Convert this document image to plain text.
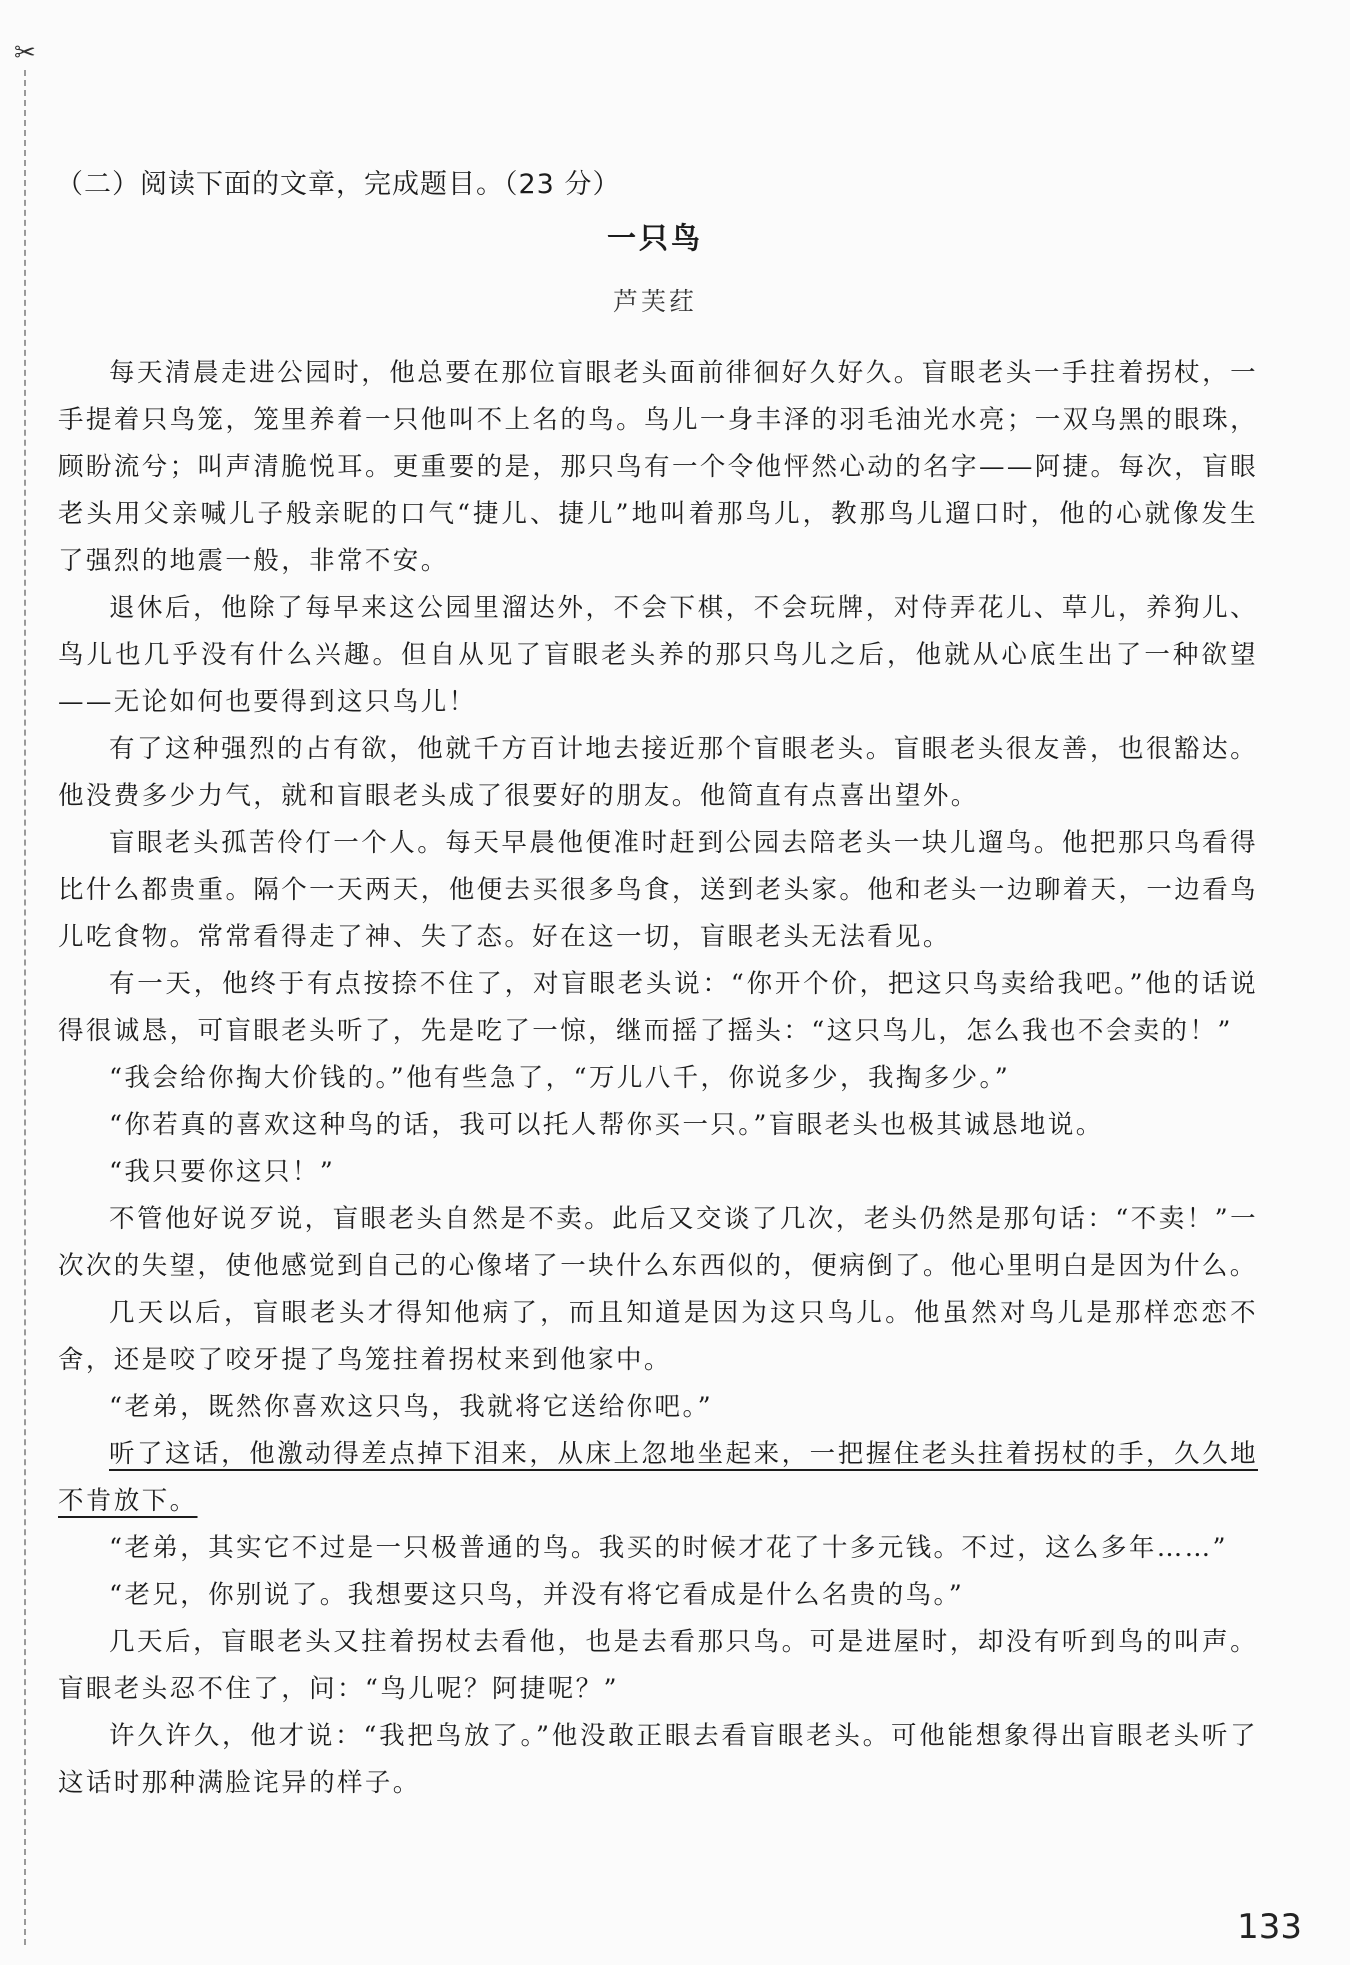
✂
（二）阅读下面的文章，完成题目。（23 分）
一只鸟
芦芙荭

每天清晨走进公园时，他总要在那位盲眼老头面前徘徊好久好久。盲眼老头一手拄着拐杖，一手提着只鸟笼，笼里养着一只他叫不上名的鸟。鸟儿一身丰泽的羽毛油光水亮；一双乌黑的眼珠，顾盼流兮；叫声清脆悦耳。更重要的是，那只鸟有一个令他怦然心动的名字——阿捷。每次，盲眼老头用父亲喊儿子般亲昵的口气“捷儿、捷儿”地叫着那鸟儿，教那鸟儿遛口时，他的心就像发生了强烈的地震一般，非常不安。

退休后，他除了每早来这公园里溜达外，不会下棋，不会玩牌，对侍弄花儿、草儿，养狗儿、鸟儿也几乎没有什么兴趣。但自从见了盲眼老头养的那只鸟儿之后，他就从心底生出了一种欲望——无论如何也要得到这只鸟儿！

有了这种强烈的占有欲，他就千方百计地去接近那个盲眼老头。盲眼老头很友善，也很豁达。他没费多少力气，就和盲眼老头成了很要好的朋友。他简直有点喜出望外。

盲眼老头孤苦伶仃一个人。每天早晨他便准时赶到公园去陪老头一块儿遛鸟。他把那只鸟看得比什么都贵重。隔个一天两天，他便去买很多鸟食，送到老头家。他和老头一边聊着天，一边看鸟儿吃食物。常常看得走了神、失了态。好在这一切，盲眼老头无法看见。

有一天，他终于有点按捺不住了，对盲眼老头说：“你开个价，把这只鸟卖给我吧。”他的话说得很诚恳，可盲眼老头听了，先是吃了一惊，继而摇了摇头：“这只鸟儿，怎么我也不会卖的！”

“我会给你掏大价钱的。”他有些急了，“万儿八千，你说多少，我掏多少。”

“你若真的喜欢这种鸟的话，我可以托人帮你买一只。”盲眼老头也极其诚恳地说。

“我只要你这只！”

不管他好说歹说，盲眼老头自然是不卖。此后又交谈了几次，老头仍然是那句话：“不卖！”一次次的失望，使他感觉到自己的心像堵了一块什么东西似的，便病倒了。他心里明白是因为什么。

几天以后，盲眼老头才得知他病了，而且知道是因为这只鸟儿。他虽然对鸟儿是那样恋恋不舍，还是咬了咬牙提了鸟笼拄着拐杖来到他家中。

“老弟，既然你喜欢这只鸟，我就将它送给你吧。”

听了这话，他激动得差点掉下泪来，从床上忽地坐起来，一把握住老头拄着拐杖的手，久久地不肯放下。

“老弟，其实它不过是一只极普通的鸟。我买的时候才花了十多元钱。不过，这么多年……”

“老兄，你别说了。我想要这只鸟，并没有将它看成是什么名贵的鸟。”

几天后，盲眼老头又拄着拐杖去看他，也是去看那只鸟。可是进屋时，却没有听到鸟的叫声。盲眼老头忍不住了，问：“鸟儿呢？阿捷呢？”

许久许久，他才说：“我把鸟放了。”他没敢正眼去看盲眼老头。可他能想象得出盲眼老头听了这话时那种满脸诧异的样子。

133
